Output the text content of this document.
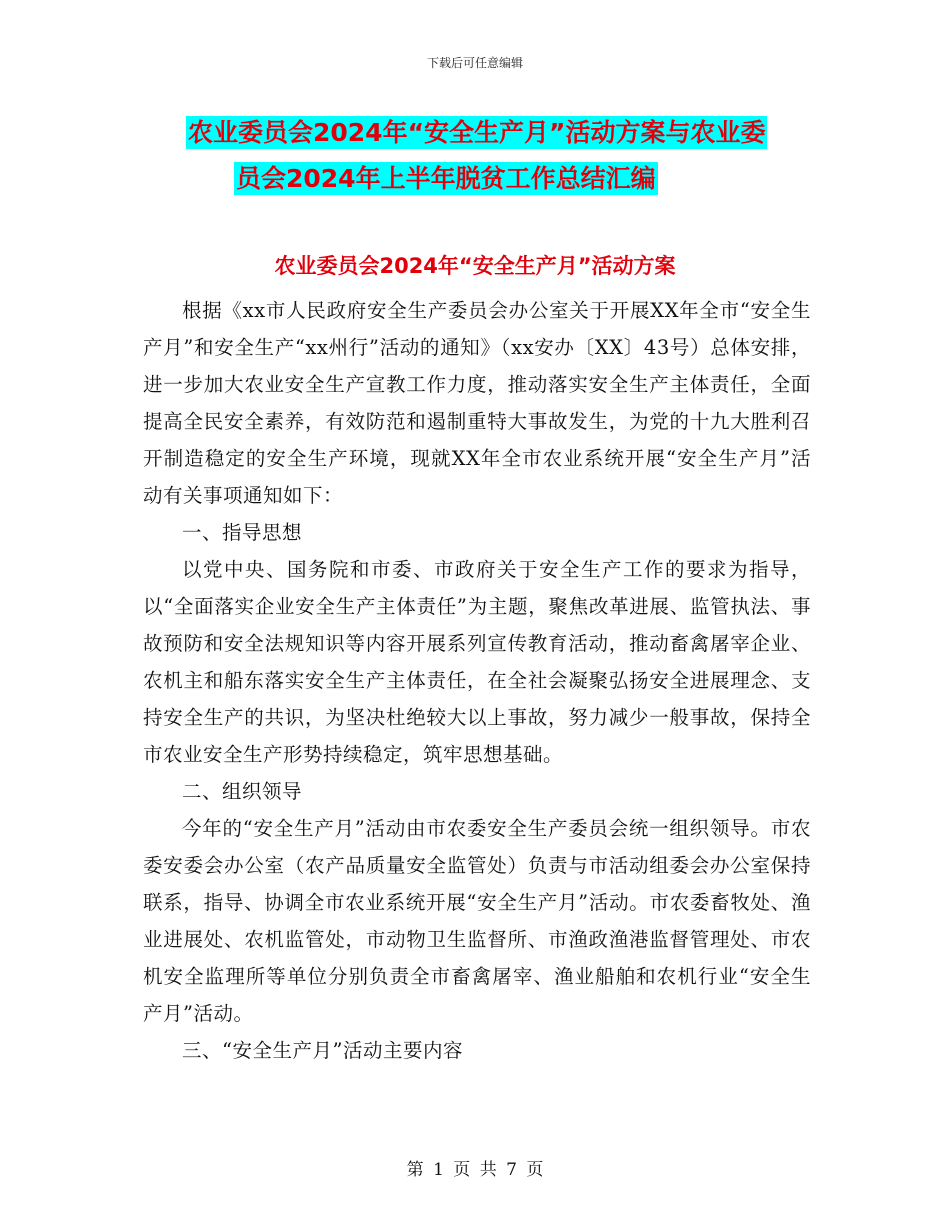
下载后可任意编辑
农业委员会2024年“安全生产月”活动方案与农业委
员会2024年上半年脱贫工作总结汇编
农业委员会2024年“安全生产月”活动方案

根据《xx市人民政府安全生产委员会办公室关于开展XX年全市“安全生产月”和安全生产“xx州行”活动的通知》（xx安办〔XX〕43号）总体安排，进一步加大农业安全生产宣教工作力度，推动落实安全生产主体责任，全面提高全民安全素养，有效防范和遏制重特大事故发生，为党的十九大胜利召开制造稳定的安全生产环境，现就XX年全市农业系统开展“安全生产月”活动有关事项通知如下：

一、指导思想

以党中央、国务院和市委、市政府关于安全生产工作的要求为指导，以“全面落实企业安全生产主体责任”为主题，聚焦改革进展、监管执法、事故预防和安全法规知识等内容开展系列宣传教育活动，推动畜禽屠宰企业、农机主和船东落实安全生产主体责任，在全社会凝聚弘扬安全进展理念、支持安全生产的共识，为坚决杜绝较大以上事故，努力减少一般事故，保持全市农业安全生产形势持续稳定，筑牢思想基础。

二、组织领导

今年的“安全生产月”活动由市农委安全生产委员会统一组织领导。市农委安委会办公室（农产品质量安全监管处）负责与市活动组委会办公室保持联系，指导、协调全市农业系统开展“安全生产月”活动。市农委畜牧处、渔业进展处、农机监管处，市动物卫生监督所、市渔政渔港监督管理处、市农机安全监理所等单位分别负责全市畜禽屠宰、渔业船舶和农机行业“安全生产月”活动。

三、“安全生产月”活动主要内容

第 1 页 共 7 页
